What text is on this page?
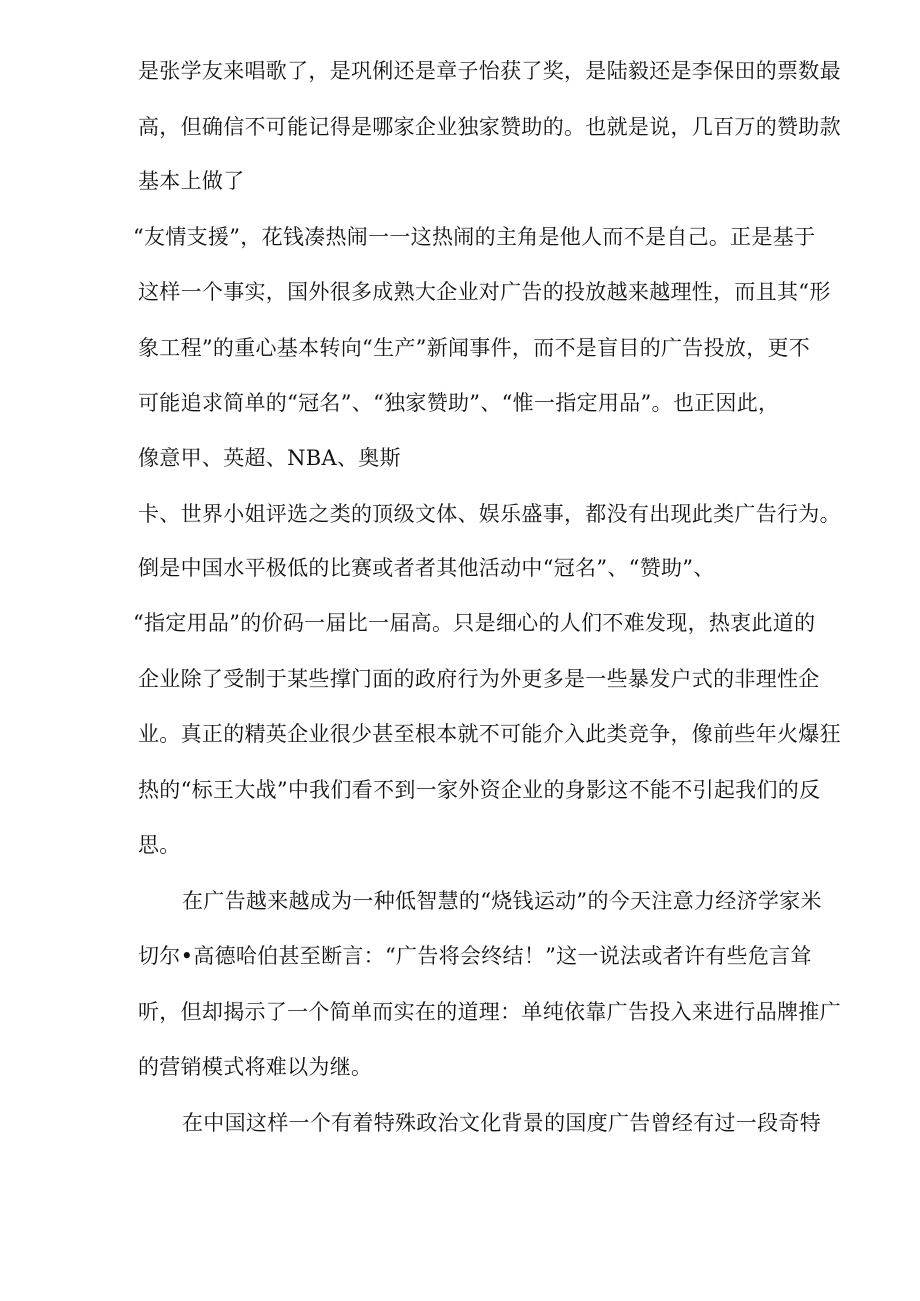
是张学友来唱歌了，是巩俐还是章子怡获了奖，是陆毅还是李保田的票数最

高，但确信不可能记得是哪家企业独家赞助的。也就是说，几百万的赞助款

基本上做了

“友情支援”，花钱凑热闹一一这热闹的主角是他人而不是自己。正是基于

这样一个事实，国外很多成熟大企业对广告的投放越来越理性，而且其“形

象工程”的重心基本转向“生产”新闻事件，而不是盲目的广告投放，更不

可能追求简单的“冠名”、“独家赞助”、“惟一指定用品”。也正因此，

像意甲、英超、NBA、奥斯

卡、世界小姐评选之类的顶级文体、娱乐盛事，都没有出现此类广告行为。

倒是中国水平极低的比赛或者者其他活动中“冠名”、“赞助”、

“指定用品”的价码一届比一届高。只是细心的人们不难发现，热衷此道的

企业除了受制于某些撑门面的政府行为外更多是一些暴发户式的非理性企

业。真正的精英企业很少甚至根本就不可能介入此类竞争，像前些年火爆狂

热的“标王大战”中我们看不到一家外资企业的身影这不能不引起我们的反

思。

在广告越来越成为一种低智慧的“烧钱运动”的今天注意力经济学家米

切尔•高德哈伯甚至断言：“广告将会终结！”这一说法或者许有些危言耸

听，但却揭示了一个简单而实在的道理：单纯依靠广告投入来进行品牌推广

的营销模式将难以为继。

在中国这样一个有着特殊政治文化背景的国度广告曾经有过一段奇特
